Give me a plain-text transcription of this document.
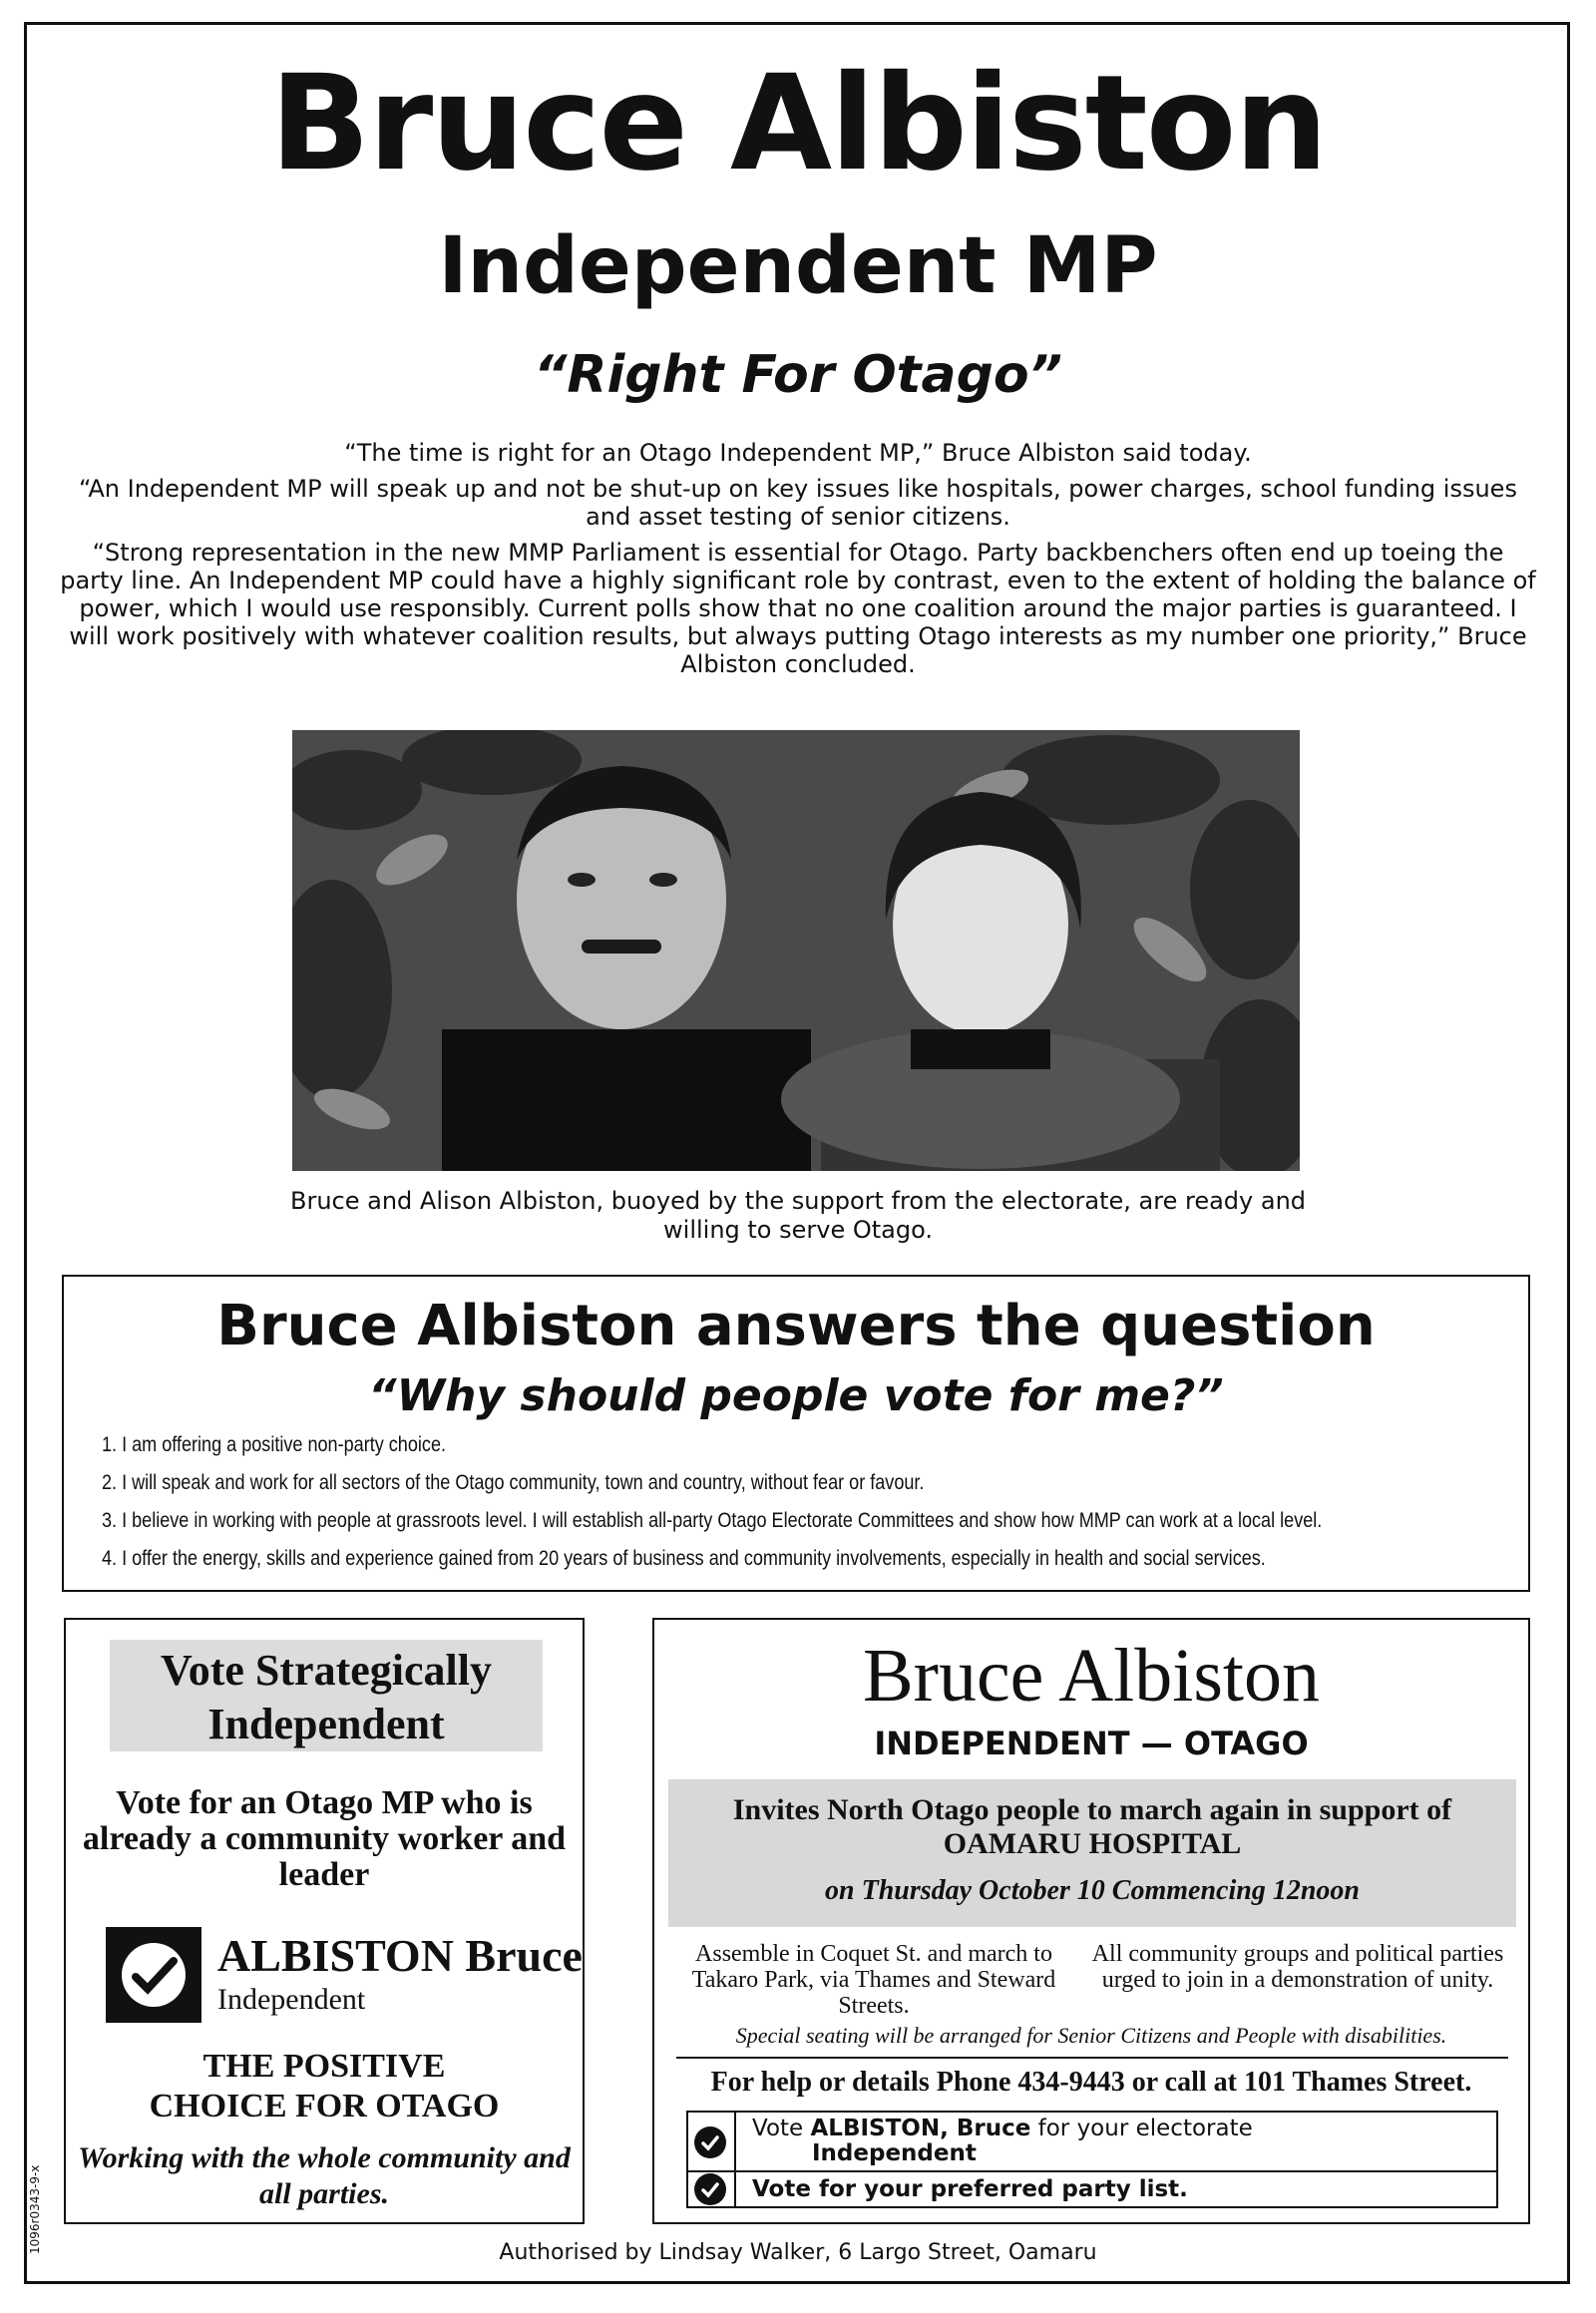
Bruce Albiston
Independent MP
“Right For Otago”

“The time is right for an Otago Independent MP,” Bruce Albiston said today.

“An Independent MP will speak up and not be shut-up on key issues like hospitals, power charges, school funding issues and asset testing of senior citizens.

“Strong representation in the new MMP Parliament is essential for Otago. Party backbenchers often end up toeing the party line. An Independent MP could have a highly significant role by contrast, even to the extent of holding the balance of power, which I would use responsibly. Current polls show that no one coalition around the major parties is guaranteed. I will work positively with whatever coalition results, but always putting Otago interests as my number one priority,” Bruce Albiston concluded.

Bruce and Alison Albiston, buoyed by the support from the electorate, are ready and willing to serve Otago.
Bruce Albiston answers the question
“Why should people vote for me?”
1. I am offering a positive non-party choice.
2. I will speak and work for all sectors of the Otago community, town and country, without fear or favour.
3. I believe in working with people at grassroots level. I will establish all-party Otago Electorate Committees and show how MMP can work at a local level.
4. I offer the energy, skills and experience gained from 20 years of business and community involvements, especially in health and social services.
Vote Strategically
Independent
Vote for an Otago MP who is already a community worker and leader
ALBISTON Bruce
Independent
THE POSITIVE
CHOICE FOR OTAGO
Working with the whole community and all parties.
Bruce Albiston
INDEPENDENT — OTAGO
Invites North Otago people to march again in support of
OAMARU HOSPITAL
on Thursday October 10 Commencing 12noon
Assemble in Coquet St. and march to Takaro Park, via Thames and Steward Streets.
All community groups and political parties urged to join in a demonstration of unity.
Special seating will be arranged for Senior Citizens and People with disabilities.
For help or details Phone 434-9443 or call at 101 Thames Street.
Vote ALBISTON, Bruce for your electorate
Independent
Vote for your preferred party list.
Authorised by Lindsay Walker, 6 Largo Street, Oamaru
1096r0343-9-x
